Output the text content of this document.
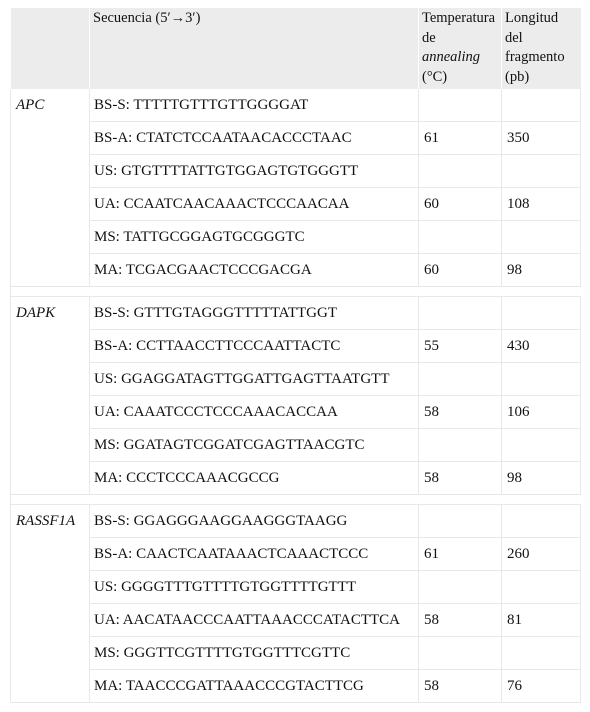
	Secuencia (5′→3′)	Temperatura
de
annealing
(°C)	Longitud
del
fragmento
(pb)
APC	BS-S: TTTTTGTTTGTTGGGGAT		
	BS-A: CTATCTCCAATAACACCCTAAC	61	350
	US: GTGTTTTATTGTGGAGTGTGGGTT		
	UA: CCAATCAACAAACTCCCAACAA	60	108
	MS: TATTGCGGAGTGCGGGTC		
	MA: TCGACGAACTCCCGACGA	60	98

DAPK	BS-S: GTTTGTAGGGTTTTTATTGGT		
	BS-A: CCTTAACCTTCCCAATTACTC	55	430
	US: GGAGGATAGTTGGATTGAGTTAATGTT		
	UA: CAAATCCCTCCCAAACACCAA	58	106
	MS: GGATAGTCGGATCGAGTTAACGTC		
	MA: CCCTCCCAAACGCCG	58	98

RASSF1A	BS-S: GGAGGGAAGGAAGGGTAAGG		
	BS-A: CAACTCAATAAACTCAAACTCCC	61	260
	US: GGGGTTTGTTTTGTGGTTTTGTTT		
	UA: AACATAACCCAATTAAACCCATACTTCA	58	81
	MS: GGGTTCGTTTTGTGGTTTCGTTC		
	MA: TAACCCGATTAAACCCGTACTTCG	58	76
